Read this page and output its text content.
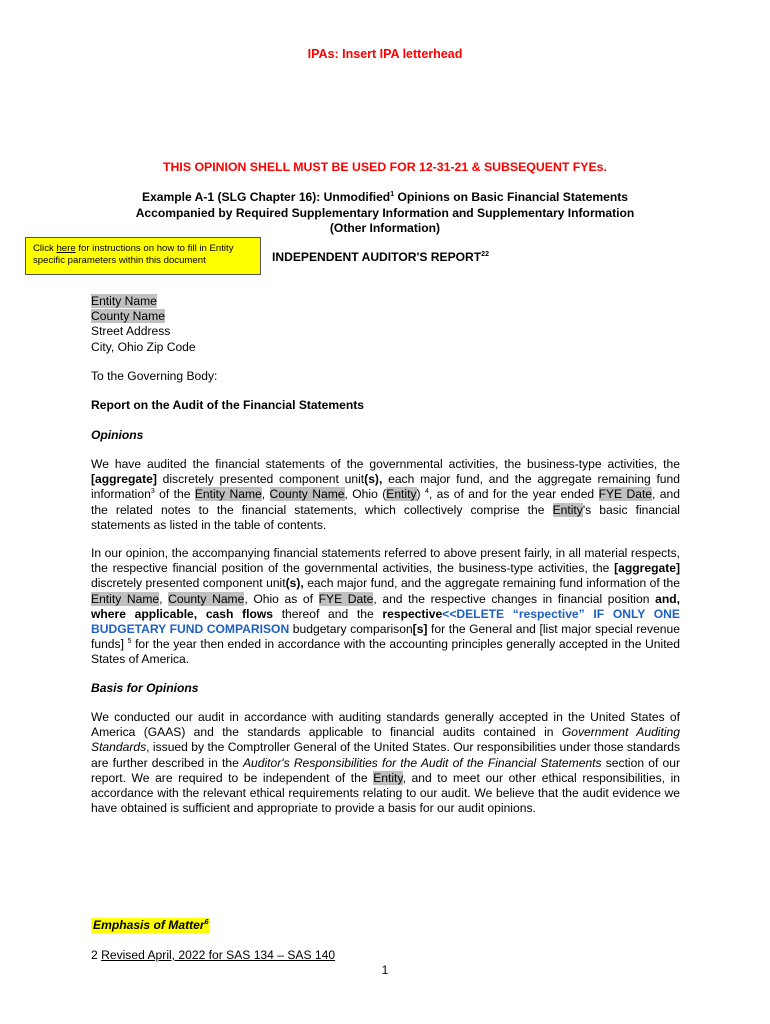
IPAs: Insert IPA letterhead
THIS OPINION SHELL MUST BE USED FOR 12-31-21 & SUBSEQUENT FYEs.
Example A-1 (SLG Chapter 16): Unmodified$^1$ Opinions on Basic Financial Statements
Accompanied by Required Supplementary Information and Supplementary Information
(Other Information)
Click here for instructions on how to fill in Entity specific parameters within this document	INDEPENDENT AUDITOR'S REPORT$^{22}$
Entity Name
County Name
Street Address
City, Ohio Zip Code
To the Governing Body:
Report on the Audit of the Financial Statements
Opinions
We have audited the financial statements of the governmental activities, the business-type activities, the [aggregate] discretely presented component unit(s), each major fund, and the aggregate remaining fund information$^3$ of the Entity Name, County Name, Ohio (Entity) $^4$, as of and for the year ended FYE Date, and the related notes to the financial statements, which collectively comprise the Entity's basic financial statements as listed in the table of contents.
In our opinion, the accompanying financial statements referred to above present fairly, in all material respects, the respective financial position of the governmental activities, the business-type activities, the [aggregate] discretely presented component unit(s), each major fund, and the aggregate remaining fund information of the Entity Name, County Name, Ohio as of FYE Date, and the respective changes in financial position and, where applicable, cash flows thereof and the respective<<DELETE “respective” IF ONLY ONE BUDGETARY FUND COMPARISON budgetary comparison[s] for the General and [list major special revenue funds] $^5$ for the year then ended in accordance with the accounting principles generally accepted in the United States of America.
Basis for Opinions
We conducted our audit in accordance with auditing standards generally accepted in the United States of America (GAAS) and the standards applicable to financial audits contained in Government Auditing Standards, issued by the Comptroller General of the United States. Our responsibilities under those standards are further described in the Auditor's Responsibilities for the Audit of the Financial Statements section of our report. We are required to be independent of the Entity, and to meet our other ethical responsibilities, in accordance with the relevant ethical requirements relating to our audit. We believe that the audit evidence we have obtained is sufficient and appropriate to provide a basis for our audit opinions.
Emphasis of Matter$^6$
2 Revised April, 2022 for SAS 134 – SAS 140
1
